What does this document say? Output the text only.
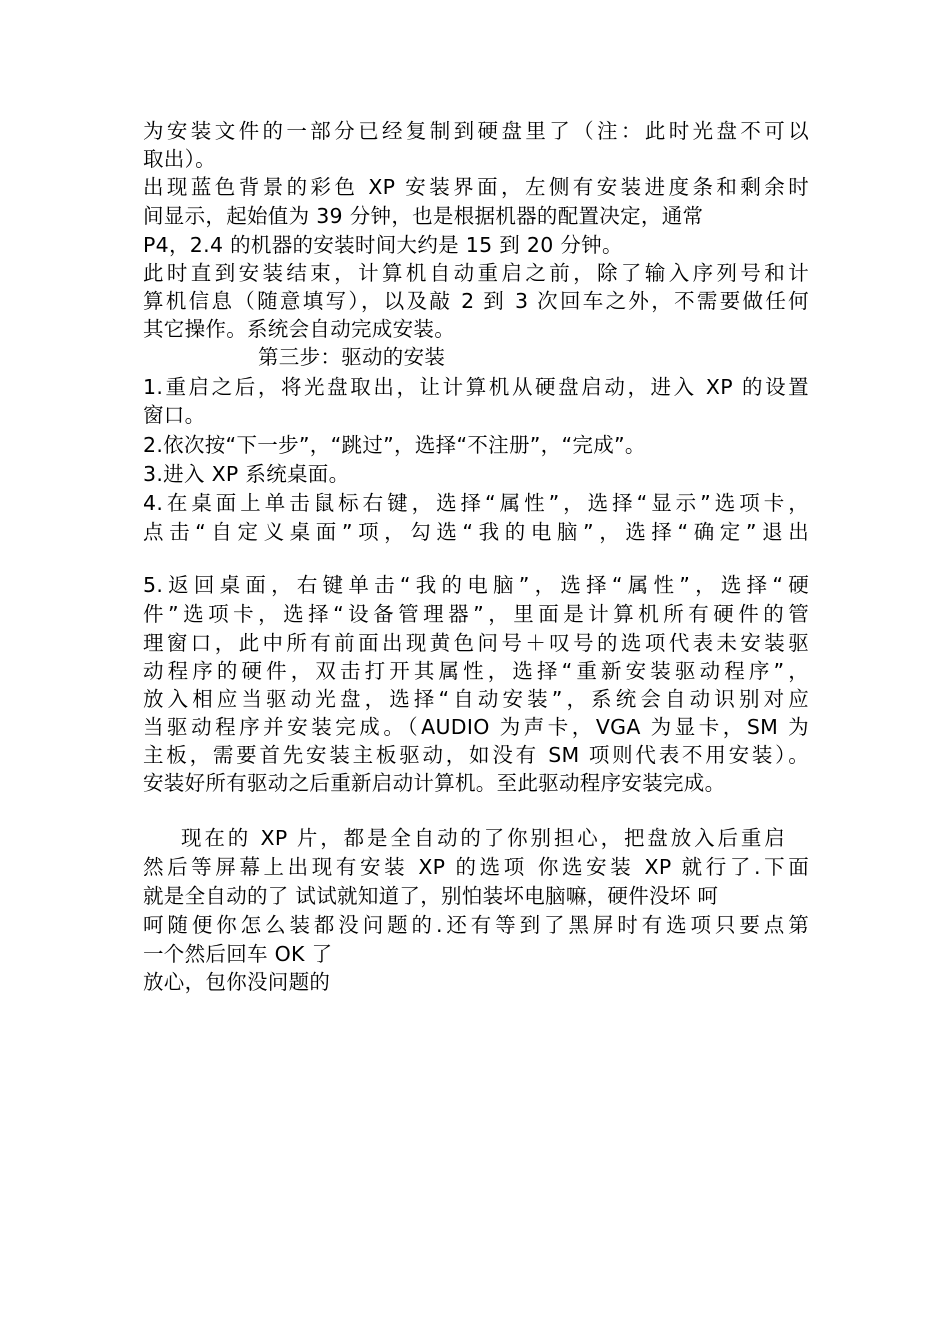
为安装文件的一部分已经复制到硬盘里了（注：此时光盘不可以
取出）。
出现蓝色背景的彩色 XP 安装界面，左侧有安装进度条和剩余时
间显示，起始值为 39 分钟，也是根据机器的配置决定，通常
P4，2.4 的机器的安装时间大约是 15 到 20 分钟。
此时直到安装结束，计算机自动重启之前，除了输入序列号和计
算机信息（随意填写），以及敲 2 到 3 次回车之外，不需要做任何
其它操作。系统会自动完成安装。
第三步：驱动的安装
1.重启之后，将光盘取出，让计算机从硬盘启动，进入 XP 的设置
窗口。
2.依次按“下一步”，“跳过”，选择“不注册”，“完成”。
3.进入 XP 系统桌面。
4.在桌面上单击鼠标右键，选择“属性”，选择“显示”选项卡，
点击“自定义桌面”项，勾选“我的电脑”，选择“确定”退出
5.返回桌面，右键单击“我的电脑”，选择“属性”，选择“硬
件”选项卡，选择“设备管理器”，里面是计算机所有硬件的管
理窗口，此中所有前面出现黄色问号＋叹号的选项代表未安装驱
动程序的硬件，双击打开其属性，选择“重新安装驱动程序”，
放入相应当驱动光盘，选择“自动安装”，系统会自动识别对应
当驱动程序并安装完成。（AUDIO 为声卡，VGA 为显卡，SM 为
主板，需要首先安装主板驱动，如没有 SM 项则代表不用安装）。
安装好所有驱动之后重新启动计算机。至此驱动程序安装完成。
现在的 XP 片，都是全自动的了你别担心，把盘放入后重启
然后等屏幕上出现有安装 XP 的选项 你选安装 XP 就行了.下面
就是全自动的了 试试就知道了，别怕装坏电脑嘛，硬件没坏 呵
呵随便你怎么装都没问题的.还有等到了黑屏时有选项只要点第
一个然后回车 OK 了
放心，包你没问题的
